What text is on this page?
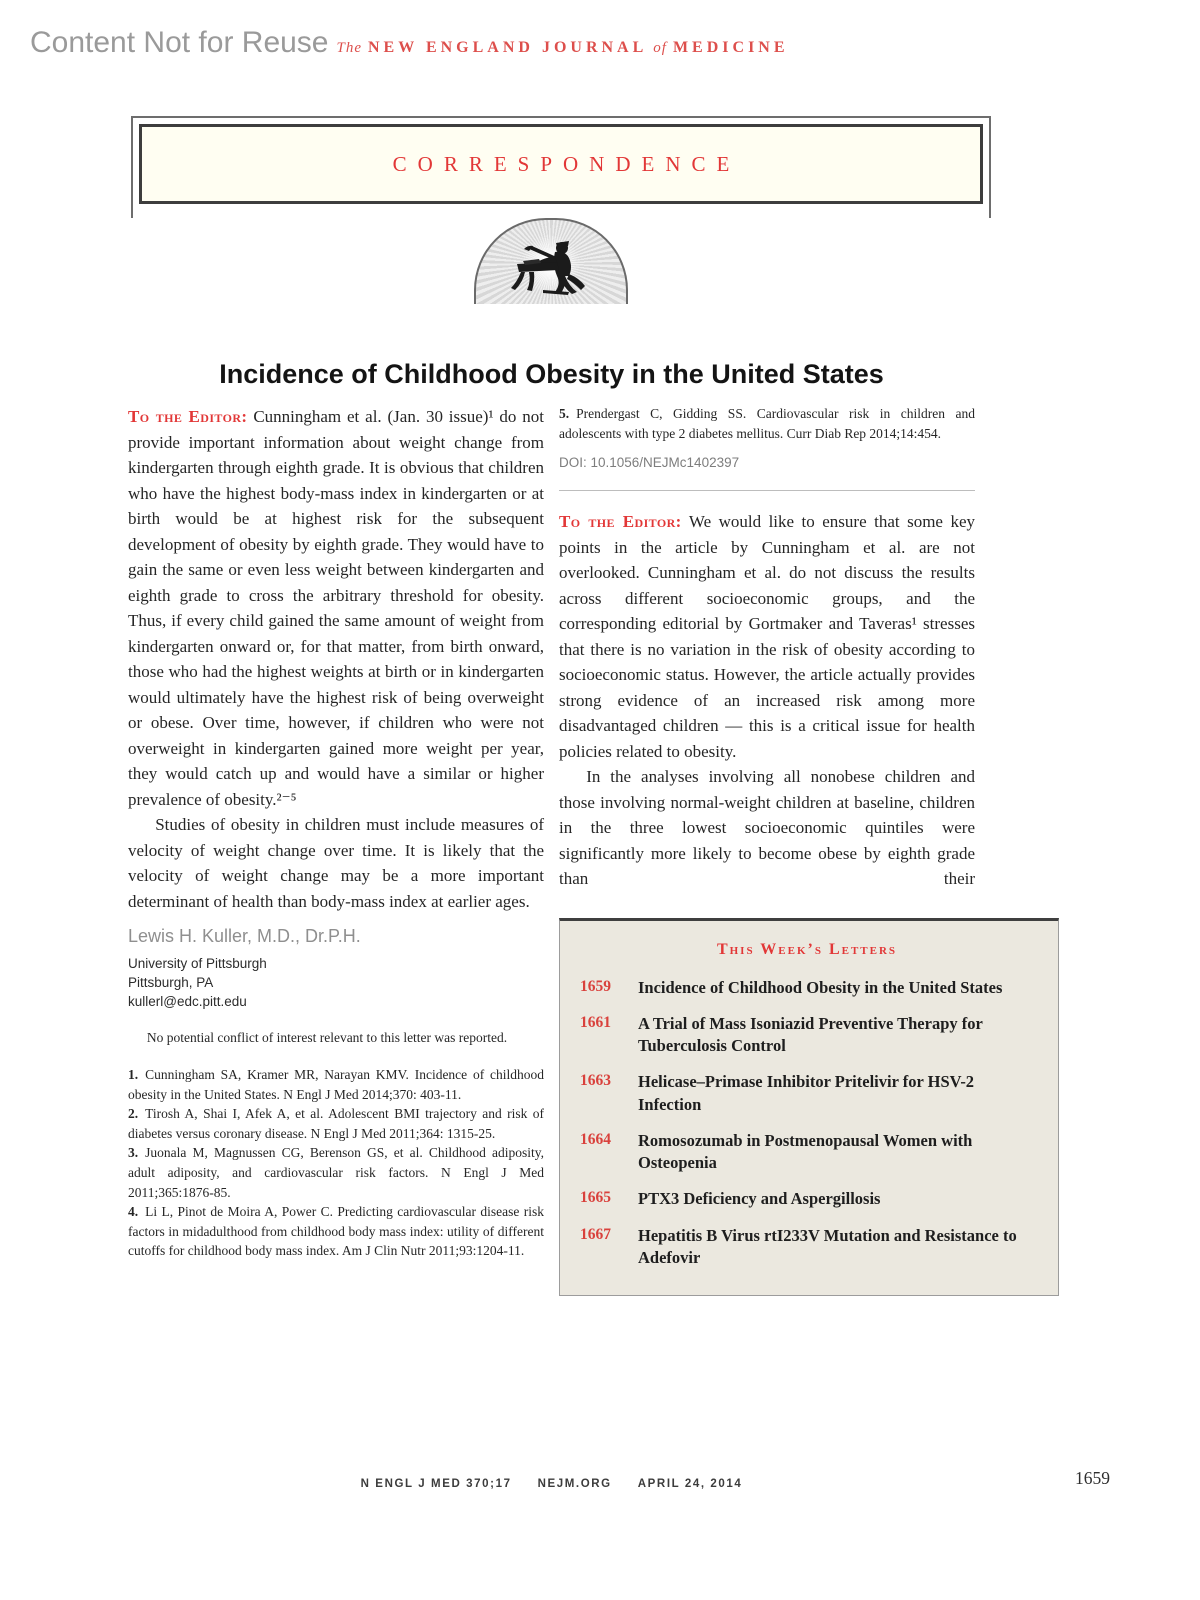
Content Not for Reuse The NEW ENGLAND JOURNAL of MEDICINE
CORRESPONDENCE
Incidence of Childhood Obesity in the United States

To the Editor: Cunningham et al. (Jan. 30 issue)¹ do not provide important information about weight change from kindergarten through eighth grade. It is obvious that children who have the highest body-mass index in kindergarten or at birth would be at highest risk for the subsequent development of obesity by eighth grade. They would have to gain the same or even less weight between kindergarten and eighth grade to cross the arbitrary threshold for obesity. Thus, if every child gained the same amount of weight from kindergarten onward or, for that matter, from birth onward, those who had the highest weights at birth or in kindergarten would ultimately have the highest risk of being overweight or obese. Over time, however, if children who were not overweight in kindergarten gained more weight per year, they would catch up and would have a similar or higher prevalence of obesity.²⁻⁵

Studies of obesity in children must include measures of velocity of weight change over time. It is likely that the velocity of weight change may be a more important determinant of health than body-mass index at earlier ages.

Lewis H. Kuller, M.D., Dr.P.H.
University of Pittsburgh
Pittsburgh, PA
kullerl@edc.pitt.edu

No potential conflict of interest relevant to this letter was reported.

1. Cunningham SA, Kramer MR, Narayan KMV. Incidence of childhood obesity in the United States. N Engl J Med 2014;370: 403-11.

2. Tirosh A, Shai I, Afek A, et al. Adolescent BMI trajectory and risk of diabetes versus coronary disease. N Engl J Med 2011;364: 1315-25.

3. Juonala M, Magnussen CG, Berenson GS, et al. Childhood adiposity, adult adiposity, and cardiovascular risk factors. N Engl J Med 2011;365:1876-85.

4. Li L, Pinot de Moira A, Power C. Predicting cardiovascular disease risk factors in midadulthood from childhood body mass index: utility of different cutoffs for childhood body mass index. Am J Clin Nutr 2011;93:1204-11.

5. Prendergast C, Gidding SS. Cardiovascular risk in children and adolescents with type 2 diabetes mellitus. Curr Diab Rep 2014;14:454.

DOI: 10.1056/NEJMc1402397

To the Editor: We would like to ensure that some key points in the article by Cunningham et al. are not overlooked. Cunningham et al. do not discuss the results across different socioeconomic groups, and the corresponding editorial by Gortmaker and Taveras¹ stresses that there is no variation in the risk of obesity according to socioeconomic status. However, the article actually provides strong evidence of an increased risk among more disadvantaged children — this is a critical issue for health policies related to obesity.

In the analyses involving all nonobese children and those involving normal-weight children at baseline, children in the three lowest socioeconomic quintiles were significantly more likely to become obese by eighth grade than their

This Week’s Letters
1659	Incidence of Childhood Obesity in the United States
1661	A Trial of Mass Isoniazid Preventive Therapy for Tuberculosis Control
1663	Helicase–Primase Inhibitor Pritelivir for HSV-2 Infection
1664	Romosozumab in Postmenopausal Women with Osteopenia
1665	PTX3 Deficiency and Aspergillosis
1667	Hepatitis B Virus rtI233V Mutation and Resistance to Adefovir
N ENGL J MED 370;17 NEJM.ORG APRIL 24, 2014	1659
